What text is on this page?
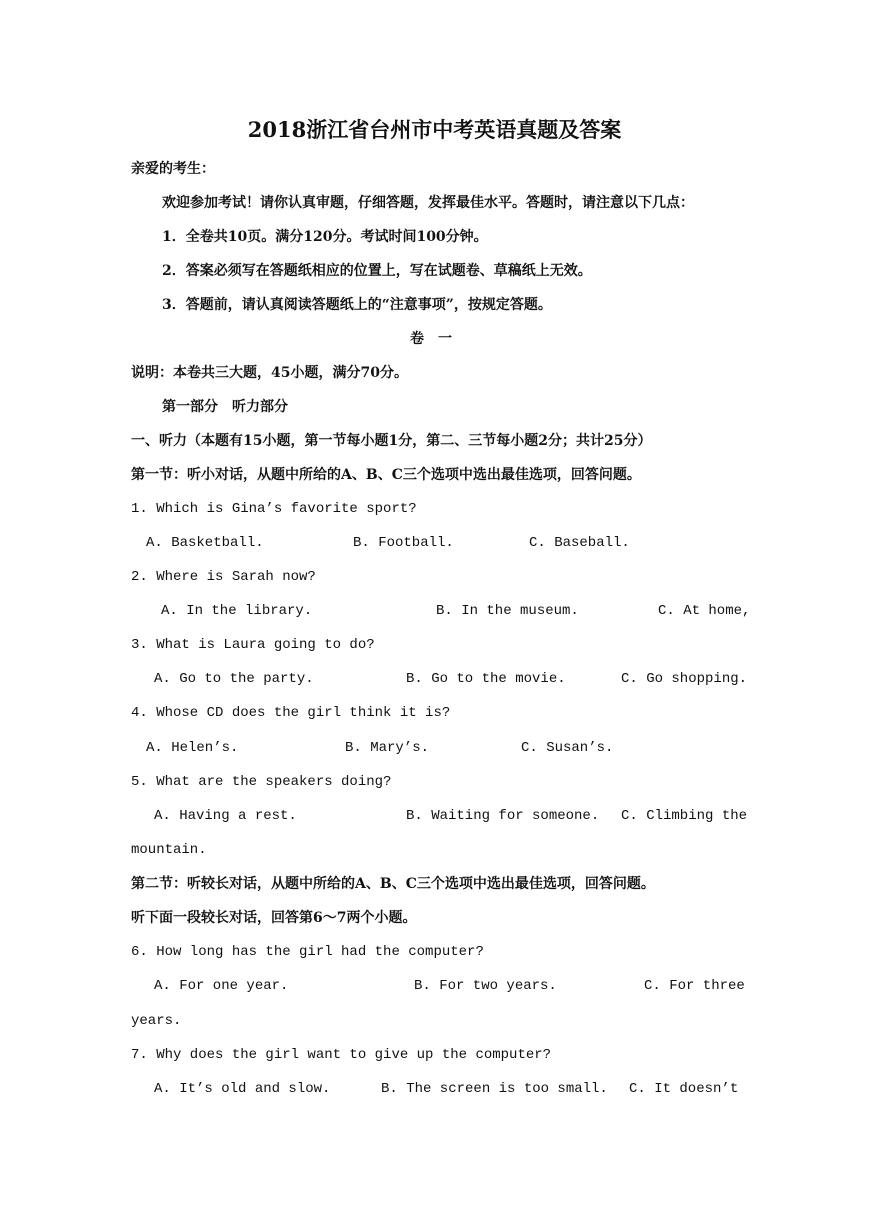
2018浙江省台州市中考英语真题及答案
亲爱的考生：
欢迎参加考试！请你认真审题，仔细答题，发挥最佳水平。答题时，请注意以下几点：
1．全卷共10页。满分120分。考试时间100分钟。
2．答案必须写在答题纸相应的位置上，写在试题卷、草稿纸上无效。
3．答题前，请认真阅读答题纸上的“注意事项”，按规定答题。
卷　一
说明：本卷共三大题，45小题，满分70分。
第一部分　听力部分
一、听力（本题有15小题，第一节每小题1分，第二、三节每小题2分；共计25分）
第一节：听小对话，从题中所给的A、B、C三个选项中选出最佳选项，回答问题。
1. Which is Gina’s favorite sport?
A. Basketball.	B. Football.	C. Baseball.
2. Where is Sarah now?
A. In the library.	B. In the museum.	C. At home,
3. What is Laura going to do?
A. Go to the party.	B. Go to the movie.	C. Go shopping.
4. Whose CD does the girl think it is?
A. Helen’s.	B. Mary’s.	C. Susan’s.
5. What are the speakers doing?
A. Having a rest.	B. Waiting for someone. C. Climbing the
mountain.
第二节：听较长对话，从题中所给的A、B、C三个选项中选出最佳选项，回答问题。
听下面一段较长对话，回答第6～7两个小题。
6. How long has the girl had the computer?
A. For one year.	B. For two years.	C. For three
years.
7. Why does the girl want to give up the computer?
A. It’s old and slow.	B. The screen is too small. C. It doesn’t
